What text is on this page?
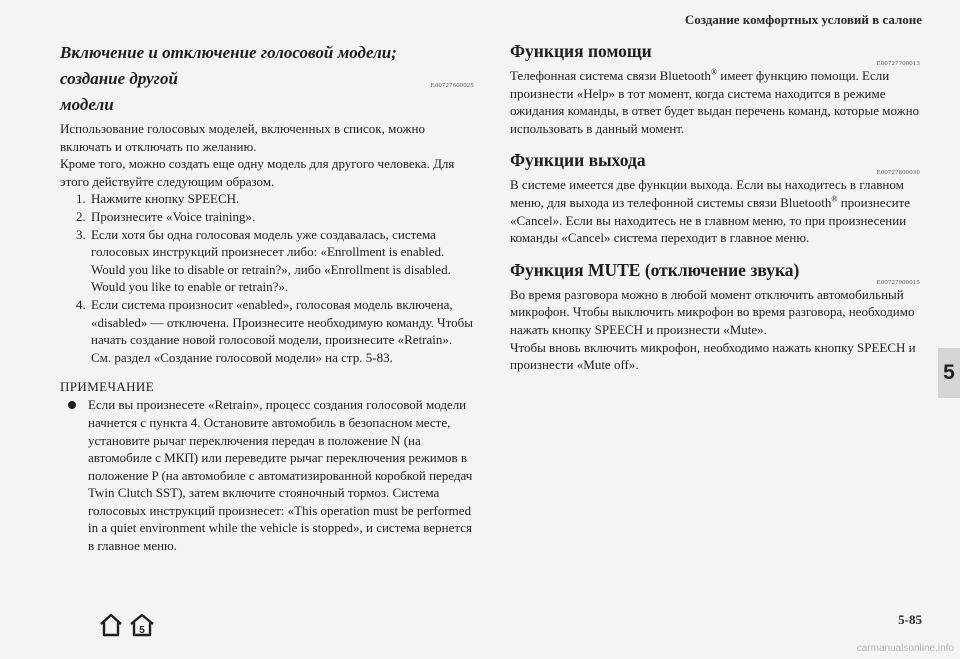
Создание комфортных условий в салоне

Включение и отключение голосовой модели; создание другой
модели

E00727600025

Использование голосовых моделей, включенных в список, можно включать и отключать по желанию.

Кроме того, можно создать еще одну модель для другого человека. Для этого действуйте следующим образом.

1. Нажмите кнопку SPEECH.
2. Произнесите «Voice training».
3. Если хотя бы одна голосовая модель уже создавалась, система голосовых инструкций произнесет либо: «Enrollment is enabled. Would you like to disable or retrain?», либо «Enrollment is disabled. Would you like to enable or retrain?».
4. Если система произносит «enabled», голосовая модель включена, «disabled» — отключена. Произнесите необходимую команду. Чтобы начать создание новой голосовой модели, произнесите «Retrain». См. раздел «Создание голосовой модели» на стр. 5-83.
ПРИМЕЧАНИЕ
Если вы произнесете «Retrain», процесс создания голосовой модели начнется с пункта 4. Остановите автомобиль в безопасном месте, установите рычаг переключения передач в положение N (на автомобиле с МКП) или переведите рычаг переключения режимов в положение P (на автомобиле с автоматизированной коробкой передач Twin Clutch SST), затем включите стояночный тормоз. Система голосовых инструкций произнесет: «This operation must be performed in a quiet environment while the vehicle is stopped», и система вернется в главное меню.
Функция помощи
E00727700013

Телефонная система связи Bluetooth® имеет функцию помощи. Если произнести «Help» в тот момент, когда система находится в режиме ожидания команды, в ответ будет выдан перечень команд, которые можно использовать в данный момент.

Функции выхода
E00727800030

В системе имеется две функции выхода. Если вы находитесь в главном меню, для выхода из телефонной системы связи Bluetooth® произнесите «Cancel». Если вы находитесь не в главном меню, то при произнесении команды «Cancel» система переходит в главное меню.

Функция MUTE (отключение звука)
E00727900015

Во время разговора можно в любой момент отключить автомобильный микрофон. Чтобы выключить микрофон во время разговора, необходимо нажать кнопку SPEECH и произнести «Mute».

Чтобы вновь включить микрофон, необходимо нажать кнопку SPEECH и произнести «Mute off».	5
5
5-85
carmanualsonline.info
